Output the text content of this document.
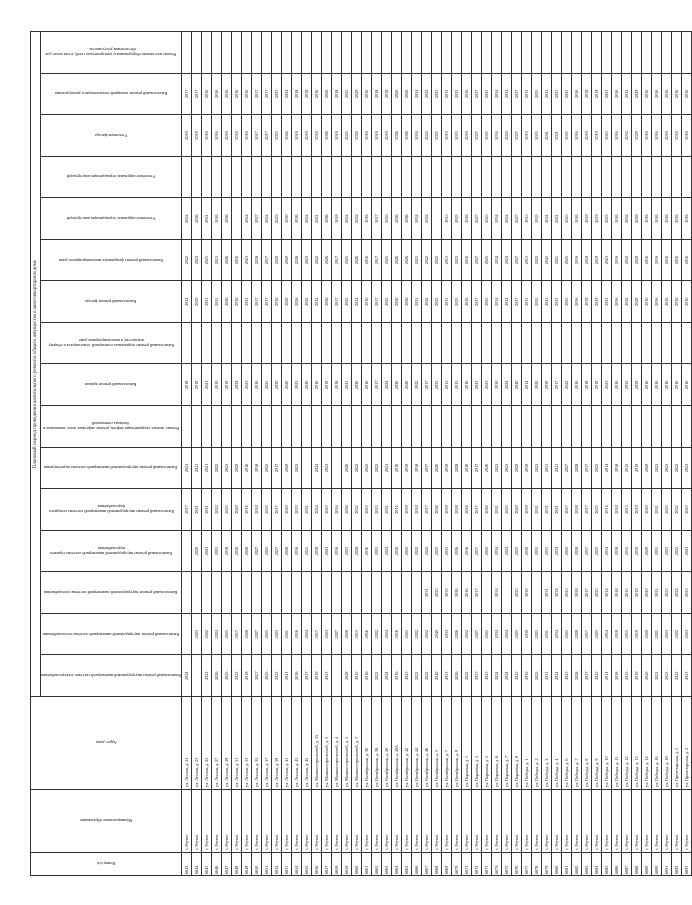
Номер п/п	Муниципальное образование	Адрес дома	Плановый период проведения капитального ремонта общего имущества в многоквартирном доме															

			Капитальный ремонт внутридомовой инженерной системы электроснабжения	Капитальный ремонт внутридомовой инженерной системы теплоснабжения	Капитальный ремонт внутридомовой инженерной системы газоснабжения	Капитальный ремонт внутридомовой инженерной системы горячего водоснабжения	Капитальный ремонт внутридомовой инженерной системы холодного водоснабжения	Капитальный ремонт внутридомовой инженерной системы водоотведения	Ремонт, замена, модернизация лифтов, ремонт лифтовых шахт, машинных и блочных помещений	Капитальный ремонт крыши	Капитальный ремонт подвальных помещений, относящихся к общему имуществу в многоквартирном доме	Капитальный ремонт фасада	Капитальный ремонт фундамента многоквартирного дома	Утепление наружных ограждающих конструкций	Утепление наружных ограждающих конструкций	Утепление фасада	Капитальный ремонт пожарной сигнализации и дымоудаления	Ремонт или замена оборудования и электрических сетей, в том числе для обеспечения доступности...

6643	г. Реутов	ул. Лесная, д. 21	2024				2017	2021		2018		2024	2022	2024		2018	2017	
6644	г. Реутов	ул. Лесная, д. 23		2023		2020	2021	2021		2019		2020	2023	2026		2018	2017	
6645	г. Реутов	ул. Лесная, д. 25	2022	2022		2023	2021	2021		2021		2021	2021	2021		2016	2016	
6646	г. Реутов	ул. Лесная, д. 27	2026	2024		2023	2022	2022		2019		2015	2015	2016		2016	2016	
6647	г. Реутов	ул. Лесная, д. 29	2025	2025		2018	2023	2023		2019		2026	2026	2026		2016	2016	
6648	г. Реутов	ул. Лесная, д. 31	2023	2017		2016	2020	2020		2024		2016	2016			2016	2016	
6649	г. Реутов	ул. Лесная, д. 33	2018	2028		2028	2016	2016		2023		2023	2023	2024		2016	2016	
6650	г. Реутов	ул. Лесная, д. 35	2027	2027		2027	2018	2018		2016		2017	2028	2027		2017	2017	
6651	г. Реутов	ул. Лесная, д. 37	2025	2025		2025	2025	2025		2025		2017	2017	2024		2017	2017	
6652	г. Реутов	ул. Лесная, д. 39	2023	2023		2027	2017	2017		2020		2016	2020	2023		2023	2023	
6653	г. Реутов	ул. Лесная, д. 41	2021	2021		2028	2020	2020		2020		2020	2020	2020		2024	2024	
6654	г. Реутов	ул. Лесная, д. 43	2016	2016		2016	2023	2023		2023		2026	2026	2026		2018	2018	
6655	г. Реутов	ул. Лесная, д. 45	2017	2024		2021	2021			2040		2023	2023	2024		2018	2018	
6656	г. Реутов	ул. Машиностроителей, д. 15	2019	2017		2018	2024	2024		2016		2022	2022	2021		2016	2016	
6657	г. Реутов	ул. Машиностроителей, д. 3	2023	2023		2023	2023	2023		2019		2026	2026	2026		2026	2026	
6658	г. Реутов	ул. Машиностроителей, д. 4		2027		2016	2016			2018		2017	2017	2018		2018	2018	
6659	г. Реутов	ул. Машиностроителей, д. 5	2028	2028		2023	2026	2026		2041		2025	2025	2024		2025	2025	
6660	г. Реутов	ул. Машиностроителей, д. 7	2015	2015		2028	2022	2022		2026		2024	2026	2022		2020	2020	
6661	г. Реутов	ул. Октябрьская, д. 36	2016	2016		2016	2025	2025		2016		2016	2016	2016		2016	2016	
6662	г. Реутов	ул. Октябрьская, д. 38	2022	2022		2023	2025	2025		2017		2017	2017	2017		2018	2018	
6663	г. Реутов	ул. Октябрьская, д. 40	2024	2024		2024	2021	2021		2024		2025	2025	2025		2018	2018	
6664	г. Реутов	ул. Октябрьская, д. 40А	2016	2016		2016	2016	2016		2026		2026	2026	2026		2026	2026	
6665	г. Реутов	ул. Октябрьская, д. 42	2025	2025		2025	2030	2030		2026		2026	2026	2026		2026	2026	
6666	г. Реутов	ул. Октябрьская, д. 44	2022	2022		2022	2018	2018		2022		2021	2021	2024		2024	2024	
6667	г. Реутов	ул. Октябрьская, д. 46	2022	2022	2031	2022	2017	2037		2017		2022	2022	2022		2022	2022	
6668	г. Реутов	ул. Октябрьская, д. 5	2040	2040	2025	2025	2026	2026		2025		2025	2025			2025	2025	
6669	г. Реутов	ул. Октябрьская, д. 7	2033	2033	2033	2033	2030	2030		2015		2015	2015	2015		2015	2015	
6670	г. Реутов	ул. Октябрьская, д. 9	2026	2026	2026	2026	2028	2028		2015		2023	2023	2023		2023	2023	
6671	г. Реутов	ул. Парковая, д. 1	2022	2022	2016	2016	2016	2016		2016		2016	2016	2016		2016	2016	
6672	г. Реутов	ул. Парковая, д. 3	2027	2027	2017	2017	2017	2017		2041		2027	2027	2027		2027	2027	
6673	г. Реутов	ул. Парковая, д. 5	2025	2025		2025	2026	2026		2023		2025	2025	2025		2025	2025	
6674	г. Реутов	ул. Парковая, д. 6	2034	2034	2034	2034	2021	2021		2030		2034	2034	2034		2034	2034	
6675	г. Реутов	ул. Парковая, д. 7	2024	2024		2024	2023	2023		2024		2024	2024	2024		2024	2024	
6676	г. Реутов	ул. Парковая, д. 8	2025	2025	2025	2025	2020	2020		2040		2027	2027	2027		2027	2027	
6677	г. Реутов	ул. Победы, д. 1	2030	2030	2030	2030	2030	2030		2014		2015	2015	2015		2015	2015	
6678	г. Реутов	ул. Победы, д. 2	2025	2025		2025	2021	2021		2020		2025	2025	2025		2025	2025	
6679	г. Реутов	ул. Победы, д. 3	2031	2031	2031	2031	2031	2031		2030		2041	2041	2041		2041	2041	
6680	г. Реутов	ул. Победы, д. 4	2034	2034	2034	2034	2021	2021		2017		2021	2021	2021		2021	2021	
6681	г. Реутов	ул. Победы, д. 6	2025	2025	2025	2025	2027	2027		2022		2025	2025	2025		2025	2025	
6682	г. Реутов	ул. Победы, д. 7	2028	2028	2028	2028	2028	2028		2016		2016	2016	2016		2016	2016	
6683	г. Реутов	ул. Победы, д. 8	2017	2017	2017	2017	2017	2017		2018		2018	2018	2018		2018	2018	
6684	г. Реутов	ул. Победы, д. 9	2025	2025	2025	2025	2025	2025		2019		2019	2019	2019		2019	2019	
6685	г. Реутов	ул. Победы, д. 10	2014	2014	2014	2014	2014	2014		2023		2023	2023	2023		2023	2023	
6686	г. Реутов	ул. Победы, д. 11	2018	2018	2018	2018	2018	2018		2016		2016	2016	2016		2016	2016	
6687	г. Реутов	ул. Победы, д. 12	2015	2015	2015	2015	2015	2015		2032		2032	2032	2032		2032	2032	
6688	г. Реутов	ул. Победы, д. 13	2019	2019	2019	2019	2019	2019		2029		2029	2029	2029		2029	2029	
6689	г. Реутов	ул. Победы, д. 14	2020	2020	2020	2020	2020	2020		2016		2016	2016	2016		2016	2016	
6690	г. Реутов	ул. Победы, д. 16	2021	2021	2021	2021	2021	2021		2016		2016	2016	2016		2016	2016	
6691	г. Реутов	ул. Победы, д. 18	2023	2023	2023	2023	2023	2023		2016		2016	2016	2016		2016	2016	
6692	г. Реутов	ул. Пролетарская, д. 1	2022	2022	2022	2022	2022	2022		2016		2016	2016	2016		2016	2016	
6693	г. Реутов	ул. Пролетарская, д. 2	2023	2023	2023	2023	2023	2023		2016		2016	2016	2016		2016	2016	
